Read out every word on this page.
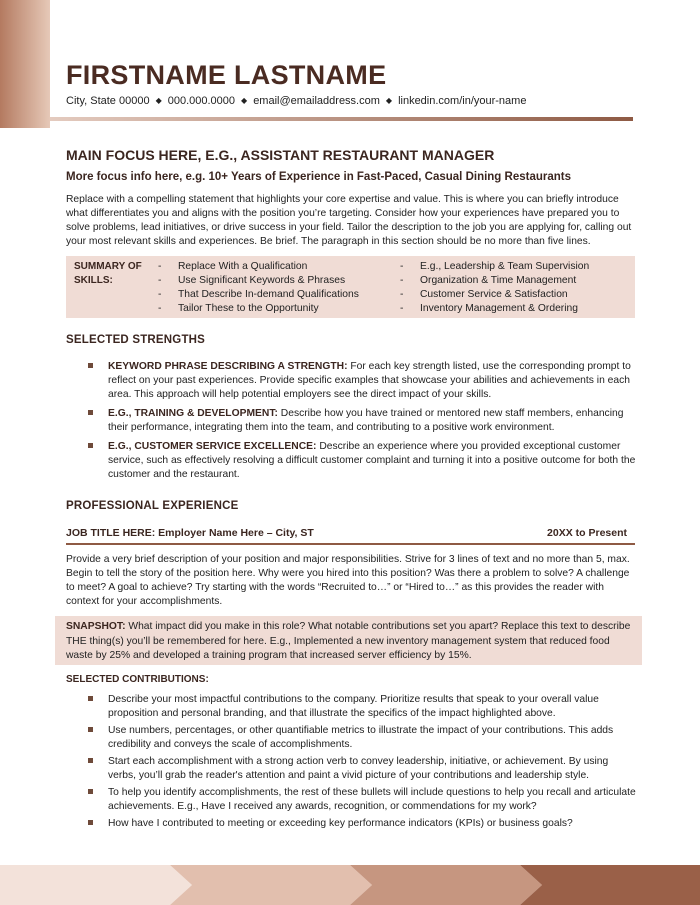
FIRSTNAME LASTNAME
City, State 00000 ◆ 000.000.0000 ◆ email@emailaddress.com ◆ linkedin.com/in/your-name
MAIN FOCUS HERE, E.G., ASSISTANT RESTAURANT MANAGER
More focus info here, e.g. 10+ Years of Experience in Fast-Paced, Casual Dining Restaurants
Replace with a compelling statement that highlights your core expertise and value. This is where you can briefly introduce what differentiates you and aligns with the position you’re targeting. Consider how your experiences have prepared you to solve problems, lead initiatives, or drive success in your field. Tailor the description to the job you are applying for, calling out your most relevant skills and experiences. Be brief. The paragraph in this section should be no more than five lines.
SUMMARY OF
SKILLS:
- Replace With a Qualification
- Use Significant Keywords & Phrases
- That Describe In-demand Qualifications
- Tailor These to the Opportunity
- E.g., Leadership & Team Supervision
- Organization & Time Management
- Customer Service & Satisfaction
- Inventory Management & Ordering
SELECTED STRENGTHS
KEYWORD PHRASE DESCRIBING A STRENGTH: For each key strength listed, use the corresponding prompt to reflect on your past experiences. Provide specific examples that showcase your abilities and achievements in each area. This approach will help potential employers see the direct impact of your skills.
E.G., TRAINING & DEVELOPMENT: Describe how you have trained or mentored new staff members, enhancing their performance, integrating them into the team, and contributing to a positive work environment.
E.G., CUSTOMER SERVICE EXCELLENCE: Describe an experience where you provided exceptional customer service, such as effectively resolving a difficult customer complaint and turning it into a positive outcome for both the customer and the restaurant.
PROFESSIONAL EXPERIENCE
JOB TITLE HERE: Employer Name Here – City, ST	20XX to Present
Provide a very brief description of your position and major responsibilities. Strive for 3 lines of text and no more than 5, max. Begin to tell the story of the position here. Why were you hired into this position? Was there a problem to solve? A challenge to meet? A goal to achieve? Try starting with the words “Recruited to…” or “Hired to…” as this provides the reader with context for your accomplishments.
SNAPSHOT: What impact did you make in this role? What notable contributions set you apart? Replace this text to describe THE thing(s) you’ll be remembered for here. E.g., Implemented a new inventory management system that reduced food waste by 25% and developed a training program that increased server efficiency by 15%.
SELECTED CONTRIBUTIONS:
Describe your most impactful contributions to the company. Prioritize results that speak to your overall value proposition and personal branding, and that illustrate the specifics of the impact highlighted above.
Use numbers, percentages, or other quantifiable metrics to illustrate the impact of your contributions. This adds credibility and conveys the scale of accomplishments.
Start each accomplishment with a strong action verb to convey leadership, initiative, or achievement. By using verbs, you’ll grab the reader's attention and paint a vivid picture of your contributions and leadership style.
To help you identify accomplishments, the rest of these bullets will include questions to help you recall and articulate achievements. E.g., Have I received any awards, recognition, or commendations for my work?
How have I contributed to meeting or exceeding key performance indicators (KPIs) or business goals?
